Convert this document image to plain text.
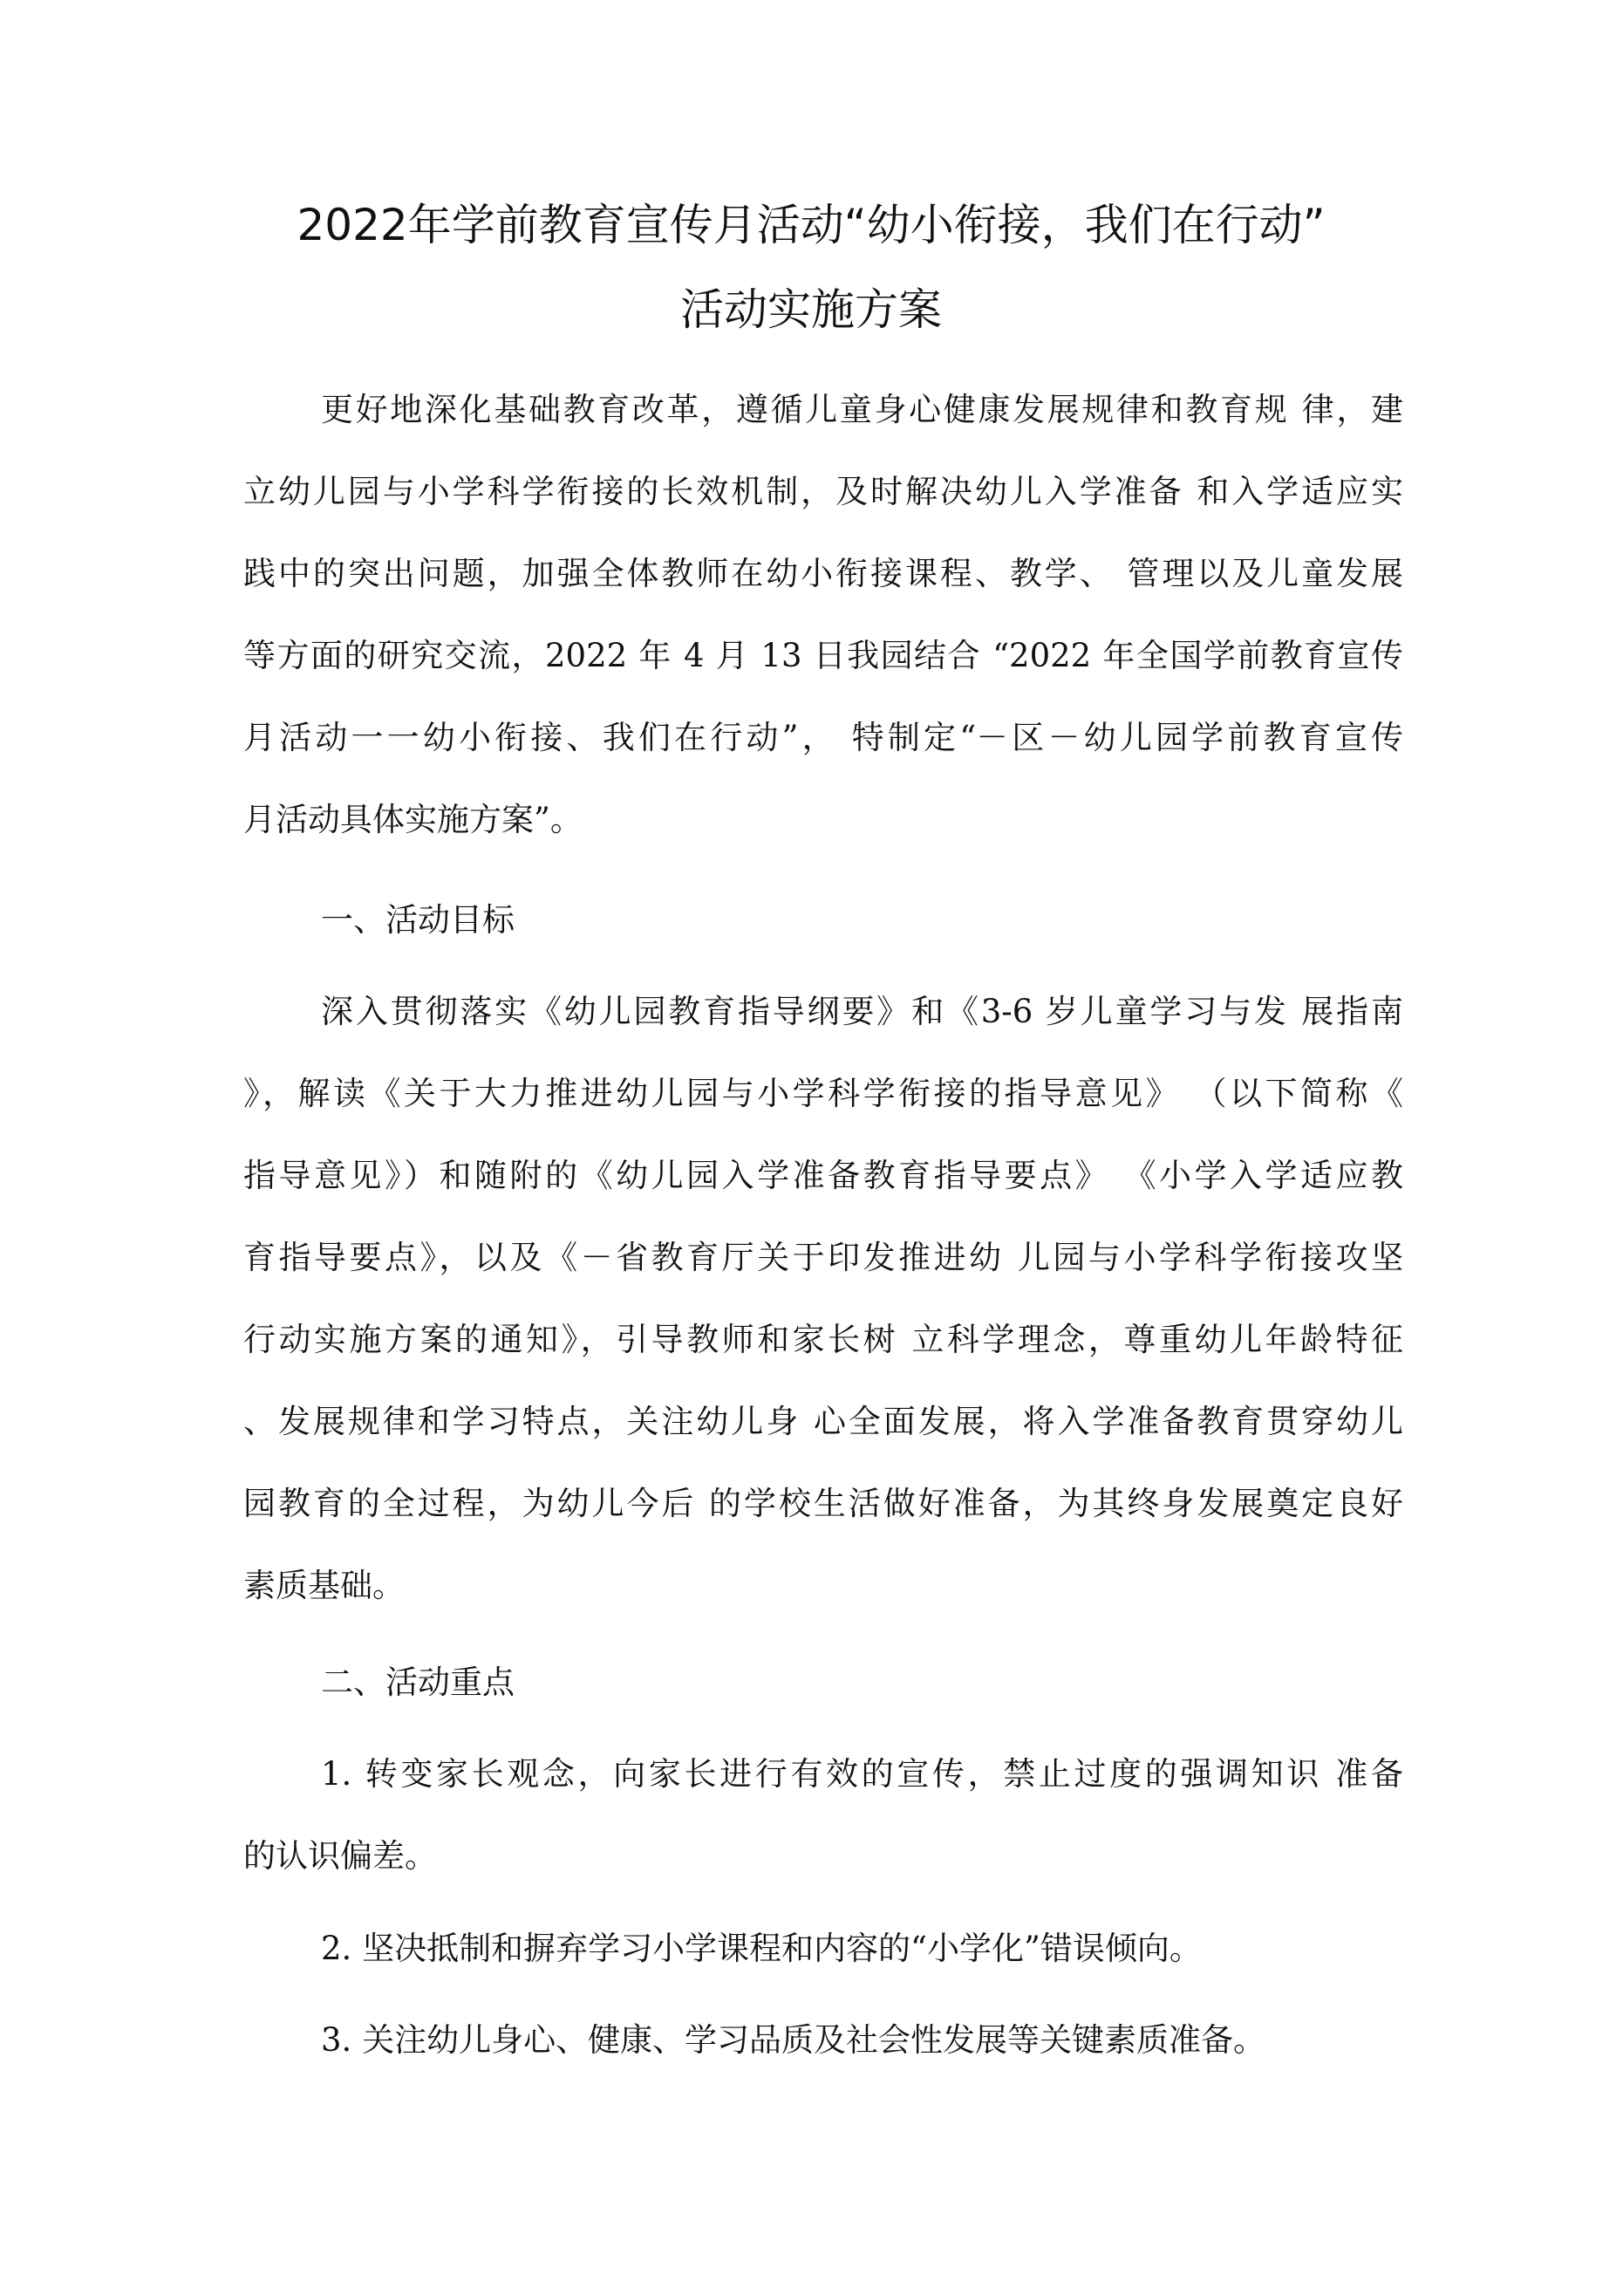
2022年学前教育宣传月活动“幼小衔接，我们在行动”
活动实施方案

更好地深化基础教育改革，遵循儿童身心健康发展规律和教育规 律，建

立幼儿园与小学科学衔接的长效机制，及时解决幼儿入学准备 和入学适应实

践中的突出问题，加强全体教师在幼小衔接课程、教学、 管理以及儿童发展

等方面的研究交流，2022 年 4 月 13 日我园结合 “2022 年全国学前教育宣传

月活动一一幼小衔接、我们在行动”， 特制定“－区－幼儿园学前教育宣传

月活动具体实施方案”。

一、活动目标

深入贯彻落实《幼儿园教育指导纲要》和《3-6 岁儿童学习与发 展指南

》，解读《关于大力推进幼儿园与小学科学衔接的指导意见》 （以下简称《

指导意见》）和随附的《幼儿园入学准备教育指导要点》 《小学入学适应教

育指导要点》，以及《－省教育厅关于印发推进幼 儿园与小学科学衔接攻坚

行动实施方案的通知》，引导教师和家长树 立科学理念，尊重幼儿年龄特征

、发展规律和学习特点，关注幼儿身 心全面发展，将入学准备教育贯穿幼儿

园教育的全过程，为幼儿今后 的学校生活做好准备，为其终身发展奠定良好

素质基础。

二、活动重点

1. 转变家长观念，向家长进行有效的宣传，禁止过度的强调知识 准备

的认识偏差。

2. 坚决抵制和摒弃学习小学课程和内容的“小学化”错误倾向。

3. 关注幼儿身心、健康、学习品质及社会性发展等关键素质准备。
